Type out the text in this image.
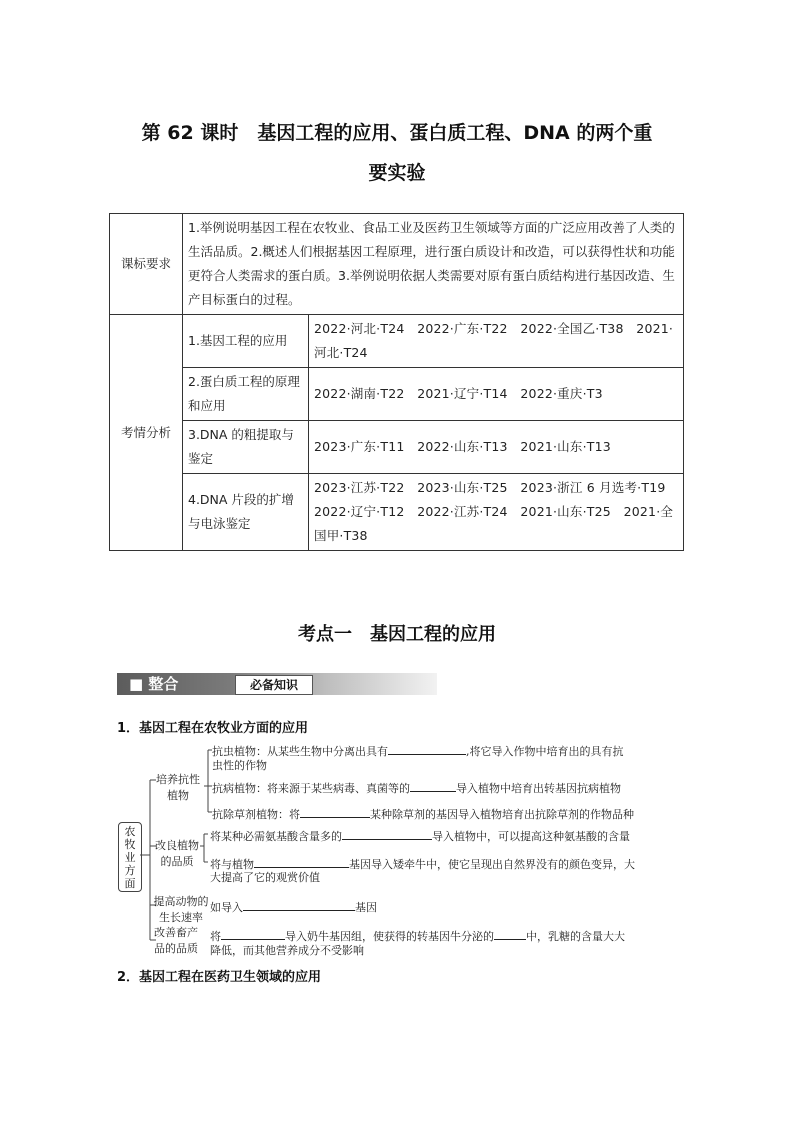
第 62 课时　基因工程的应用、蛋白质工程、DNA 的两个重
要实验
课标要求	1.举例说明基因工程在农牧业、食品工业及医药卫生领域等方面的广泛应用改善了人类的生活品质。2.概述人们根据基因工程原理，进行蛋白质设计和改造，可以获得性状和功能更符合人类需求的蛋白质。3.举例说明依据人类需要对原有蛋白质结构进行基因改造、生产目标蛋白的过程。	
考情分析	1.基因工程的应用	2022·河北·T24　2022·广东·T22　2022·全国乙·T38　2021·河北·T24
	2.蛋白质工程的原理和应用	2022·湖南·T22　2021·辽宁·T14　2022·重庆·T3
	3.DNA 的粗提取与鉴定	2023·广东·T11　2022·山东·T13　2021·山东·T13
	4.DNA 片段的扩增与电泳鉴定	2023·江苏·T22　2023·山东·T25　2023·浙江 6 月选考·T19　2022·辽宁·T12　2022·江苏·T24　2021·山东·T25　2021·全国甲·T38
考点一　基因工程的应用
■ 整合	必备知识

1．基因工程在农牧业方面的应用

农牧业方面
培养抗性植物
抗虫植物：从某些生物中分离出具有	,将它导入作物中培育出的具有抗
虫性的作物
抗病植物：将来源于某些病毒、真菌等的	导入植物中培育出转基因抗病植物
抗除草剂植物：将	某种除草剂的基因导入植物培育出抗除草剂的作物品种
改良植物的品质
将某种必需氨基酸含量多的	导入植物中，可以提高这种氨基酸的含量
将与植物	基因导入矮牵牛中，使它呈现出自然界没有的颜色变异，大
大提高了它的观赏价值
提高动物的生长速率
如导入	基因
改善畜产品的品质
将	导入奶牛基因组，使获得的转基因牛分泌的	中，乳糖的含量大大
降低，而其他营养成分不受影响

2．基因工程在医药卫生领域的应用
